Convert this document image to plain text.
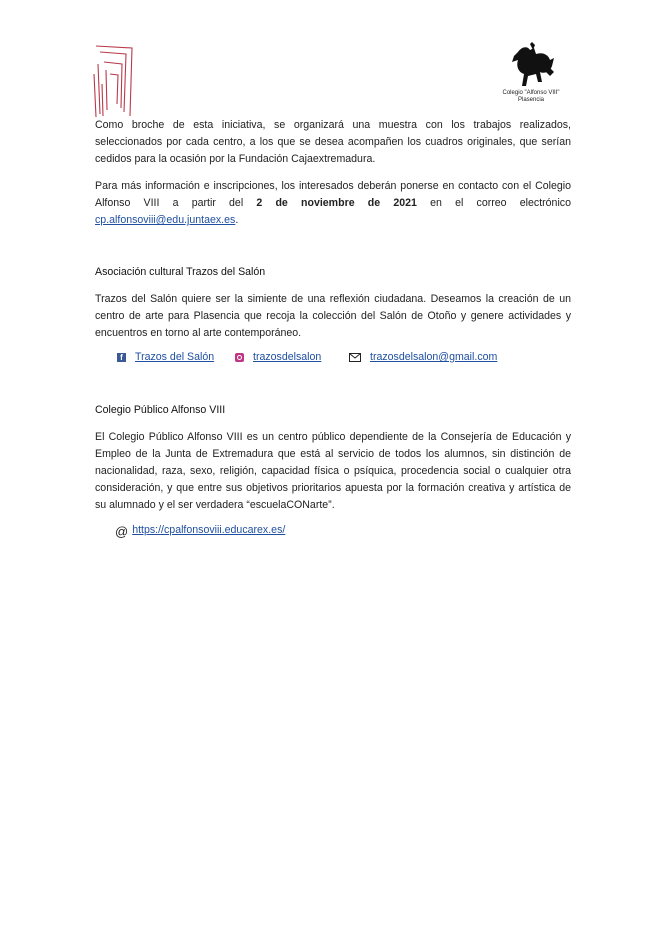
Colegio "Alfonso VIII"
Plasencia

Como broche de esta iniciativa, se organizará una muestra con los trabajos realizados, seleccionados por cada centro, a los que se desea acompañen los cuadros originales, que serían cedidos para la ocasión por la Fundación Cajaextremadura.

Para más información e inscripciones, los interesados deberán ponerse en contacto con el Colegio Alfonso VIII a partir del 2 de noviembre de 2021 en el correo electrónico cp.alfonsoviii@edu.juntaex.es.

Asociación cultural Trazos del Salón

Trazos del Salón quiere ser la simiente de una reflexión ciudadana. Deseamos la creación de un centro de arte para Plasencia que recoja la colección del Salón de Otoño y genere actividades y encuentros en torno al arte contemporáneo.

f Trazos del Salón	trazosdelsalon	trazosdelsalon@gmail.com
Colegio Público Alfonso VIII

El Colegio Público Alfonso VIII es un centro público dependiente de la Consejería de Educación y Empleo de la Junta de Extremadura que está al servicio de todos los alumnos, sin distinción de nacionalidad, raza, sexo, religión, capacidad física o psíquica, procedencia social o cualquier otra consideración, y que entre sus objetivos prioritarios apuesta por la formación creativa y artística de su alumnado y el ser verdadera “escuelaCONarte”.

@ https://cpalfonsoviii.educarex.es/
